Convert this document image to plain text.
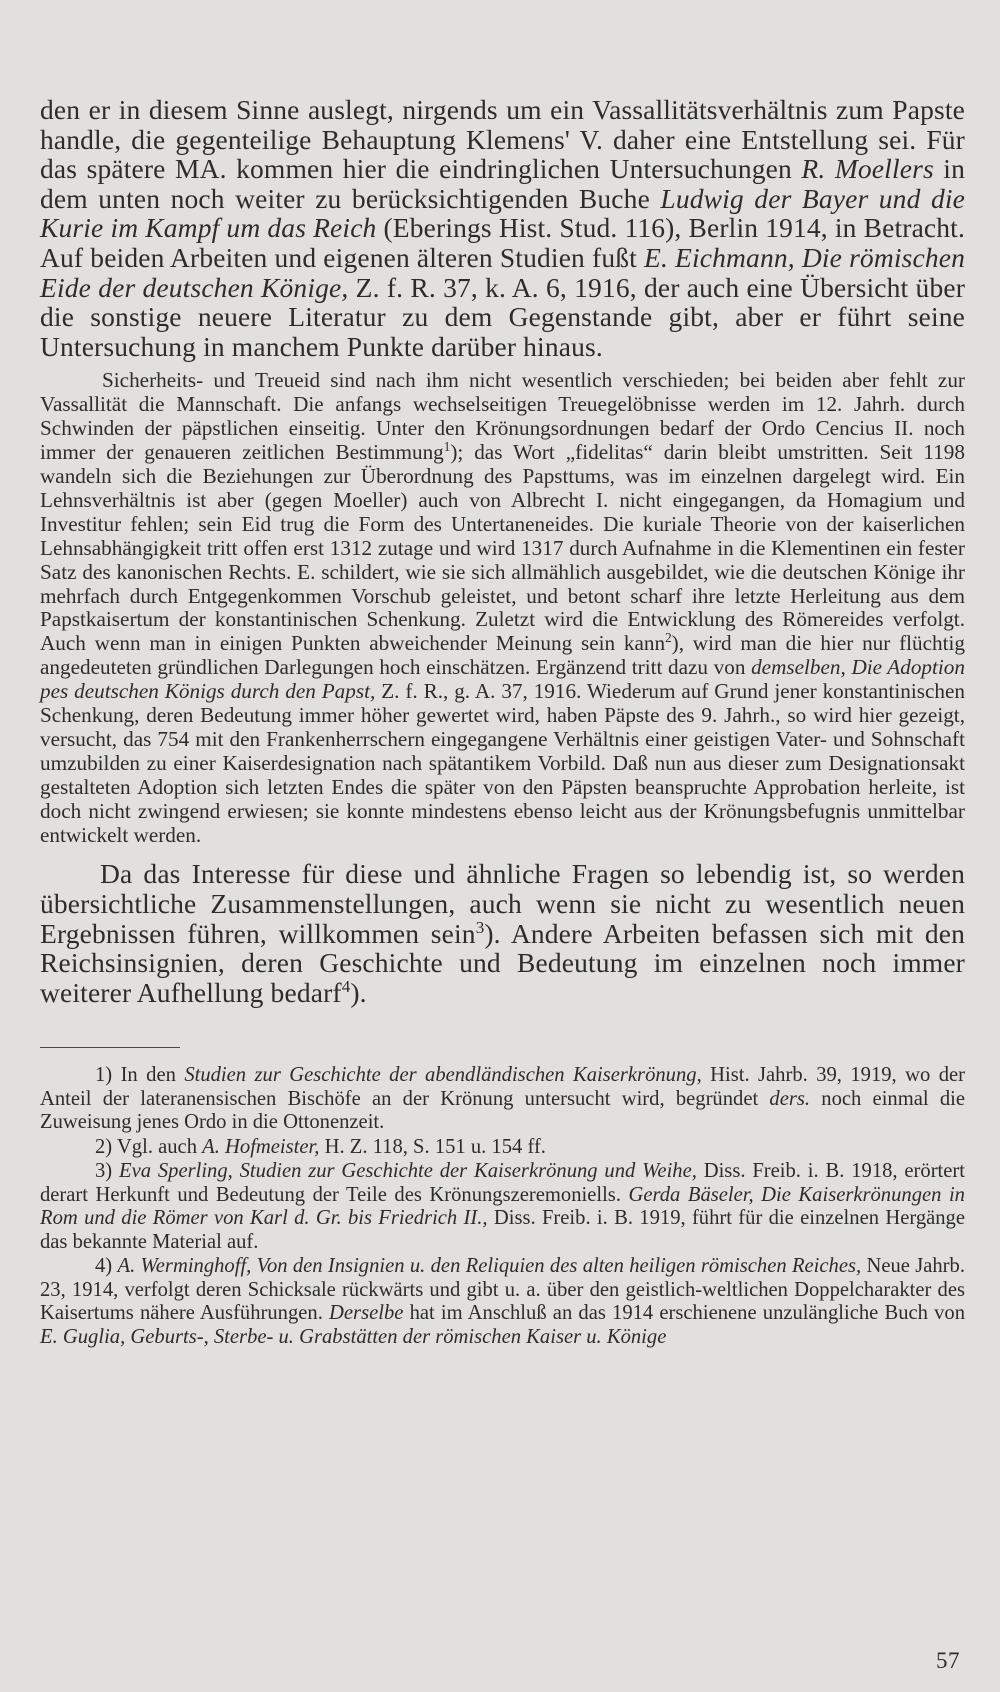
den er in diesem Sinne auslegt, nirgends um ein Vassallitätsverhältnis zum Papste handle, die gegenteilige Behauptung Klemens' V. daher eine Entstellung sei. Für das spätere MA. kommen hier die eindringlichen Untersuchungen R. Moellers in dem unten noch weiter zu berücksichtigenden Buche Ludwig der Bayer und die Kurie im Kampf um das Reich (Eberings Hist. Stud. 116), Berlin 1914, in Betracht. Auf beiden Arbeiten und eigenen älteren Studien fußt E. Eichmann, Die römischen Eide der deutschen Könige, Z. f. R. 37, k. A. 6, 1916, der auch eine Übersicht über die sonstige neuere Literatur zu dem Gegenstande gibt, aber er führt seine Untersuchung in manchem Punkte darüber hinaus.

Sicherheits- und Treueid sind nach ihm nicht wesentlich verschieden; bei beiden aber fehlt zur Vassallität die Mannschaft. Die anfangs wechselseitigen Treuegelöbnisse werden im 12. Jahrh. durch Schwinden der päpstlichen einseitig. Unter den Krönungsordnungen bedarf der Ordo Cencius II. noch immer der genaueren zeitlichen Bestimmung$^1$); das Wort „fidelitas“ darin bleibt umstritten. Seit 1198 wandeln sich die Beziehungen zur Überordnung des Papsttums, was im einzelnen dargelegt wird. Ein Lehnsverhältnis ist aber (gegen Moeller) auch von Albrecht I. nicht eingegangen, da Homagium und Investitur fehlen; sein Eid trug die Form des Untertaneneides. Die kuriale Theorie von der kaiserlichen Lehnsabhängigkeit tritt offen erst 1312 zutage und wird 1317 durch Aufnahme in die Klementinen ein fester Satz des kanonischen Rechts. E. schildert, wie sie sich allmählich ausgebildet, wie die deutschen Könige ihr mehrfach durch Entgegenkommen Vorschub geleistet, und betont scharf ihre letzte Herleitung aus dem Papstkaisertum der konstantinischen Schenkung. Zuletzt wird die Entwicklung des Römereides verfolgt. Auch wenn man in einigen Punkten abweichender Meinung sein kann$^2$), wird man die hier nur flüchtig angedeuteten gründlichen Darlegungen hoch einschätzen. Ergänzend tritt dazu von demselben, Die Adoption pes deutschen Königs durch den Papst, Z. f. R., g. A. 37, 1916. Wiederum auf Grund jener konstantinischen Schenkung, deren Bedeutung immer höher gewertet wird, haben Päpste des 9. Jahrh., so wird hier gezeigt, versucht, das 754 mit den Frankenherrschern eingegangene Verhältnis einer geistigen Vater- und Sohnschaft umzubilden zu einer Kaiserdesignation nach spätantikem Vorbild. Daß nun aus dieser zum Designationsakt gestalteten Adoption sich letzten Endes die später von den Päpsten beanspruchte Approbation herleite, ist doch nicht zwingend erwiesen; sie konnte mindestens ebenso leicht aus der Krönungsbefugnis unmittelbar entwickelt werden.

Da das Interesse für diese und ähnliche Fragen so lebendig ist, so werden übersichtliche Zusammenstellungen, auch wenn sie nicht zu wesentlich neuen Ergebnissen führen, willkommen sein$^3$). Andere Arbeiten befassen sich mit den Reichsinsignien, deren Geschichte und Bedeutung im einzelnen noch immer weiterer Aufhellung bedarf$^4$).

1) In den Studien zur Geschichte der abendländischen Kaiserkrönung, Hist. Jahrb. 39, 1919, wo der Anteil der lateranensischen Bischöfe an der Krönung untersucht wird, begründet ders. noch einmal die Zuweisung jenes Ordo in die Ottonenzeit.

2) Vgl. auch A. Hofmeister, H. Z. 118, S. 151 u. 154 ff.

3) Eva Sperling, Studien zur Geschichte der Kaiserkrönung und Weihe, Diss. Freib. i. B. 1918, erörtert derart Herkunft und Bedeutung der Teile des Krönungszeremoniells. Gerda Bäseler, Die Kaiserkrönungen in Rom und die Römer von Karl d. Gr. bis Friedrich II., Diss. Freib. i. B. 1919, führt für die einzelnen Hergänge das bekannte Material auf.

4) A. Werminghoff, Von den Insignien u. den Reliquien des alten heiligen römischen Reiches, Neue Jahrb. 23, 1914, verfolgt deren Schicksale rückwärts und gibt u. a. über den geistlich-weltlichen Doppelcharakter des Kaisertums nähere Ausführungen. Derselbe hat im Anschluß an das 1914 erschienene unzulängliche Buch von E. Guglia, Geburts-, Sterbe- u. Grabstätten der römischen Kaiser u. Könige

57
